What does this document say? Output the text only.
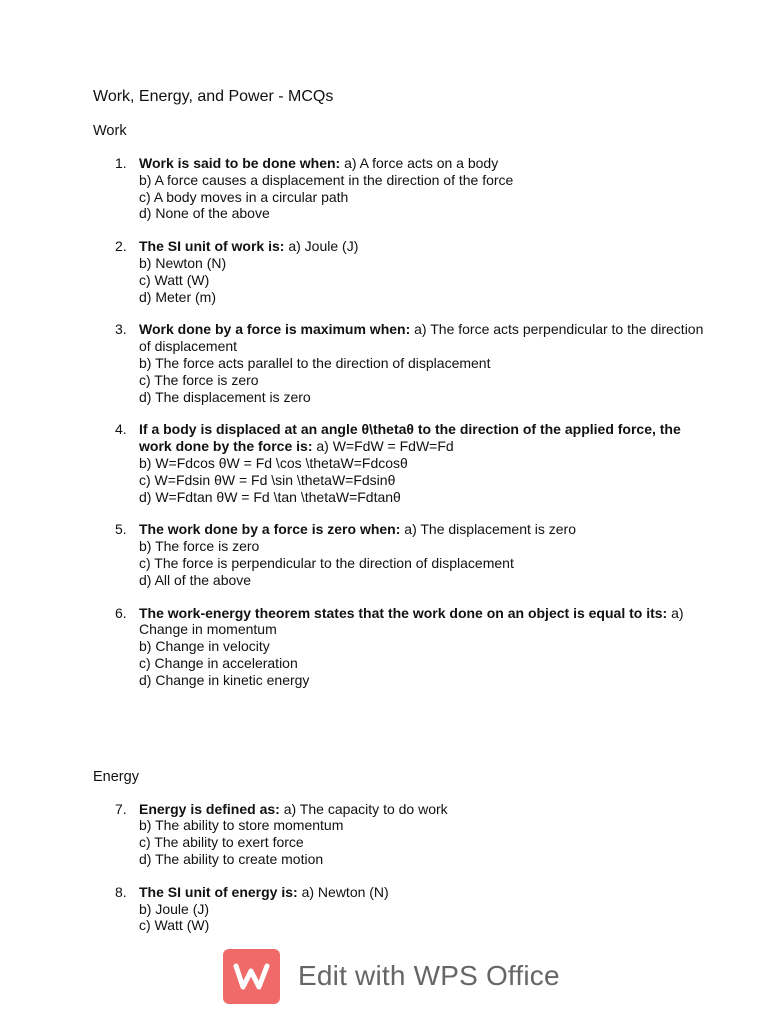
Work, Energy, and Power - MCQs
Work
1. Work is said to be done when: a) A force acts on a body
b) A force causes a displacement in the direction of the force
c) A body moves in a circular path
d) None of the above
2. The SI unit of work is: a) Joule (J)
b) Newton (N)
c) Watt (W)
d) Meter (m)
3. Work done by a force is maximum when: a) The force acts perpendicular to the direction of displacement
b) The force acts parallel to the direction of displacement
c) The force is zero
d) The displacement is zero
4. If a body is displaced at an angle θ\thetaθ to the direction of the applied force, the work done by the force is: a) W=FdW = FdW=Fd
b) W=Fdcos θW = Fd \cos \thetaW=Fdcosθ
c) W=Fdsin θW = Fd \sin \thetaW=Fdsinθ
d) W=Fdtan θW = Fd \tan \thetaW=Fdtanθ
5. The work done by a force is zero when: a) The displacement is zero
b) The force is zero
c) The force is perpendicular to the direction of displacement
d) All of the above
6. The work-energy theorem states that the work done on an object is equal to its: a) Change in momentum
b) Change in velocity
c) Change in acceleration
d) Change in kinetic energy
Energy
7. Energy is defined as: a) The capacity to do work
b) The ability to store momentum
c) The ability to exert force
d) The ability to create motion
8. The SI unit of energy is: a) Newton (N)
b) Joule (J)
c) Watt (W)
Edit with WPS Office
